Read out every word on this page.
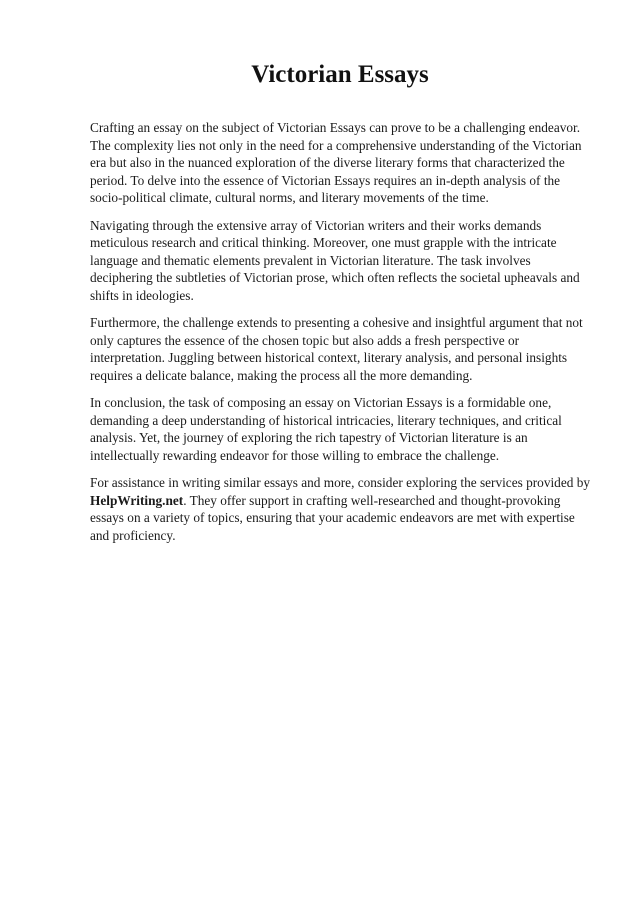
Victorian Essays

Crafting an essay on the subject of Victorian Essays can prove to be a challenging endeavor. The complexity lies not only in the need for a comprehensive understanding of the Victorian era but also in the nuanced exploration of the diverse literary forms that characterized the period. To delve into the essence of Victorian Essays requires an in-depth analysis of the socio-political climate, cultural norms, and literary movements of the time.

Navigating through the extensive array of Victorian writers and their works demands meticulous research and critical thinking. Moreover, one must grapple with the intricate language and thematic elements prevalent in Victorian literature. The task involves deciphering the subtleties of Victorian prose, which often reflects the societal upheavals and shifts in ideologies.

Furthermore, the challenge extends to presenting a cohesive and insightful argument that not only captures the essence of the chosen topic but also adds a fresh perspective or interpretation. Juggling between historical context, literary analysis, and personal insights requires a delicate balance, making the process all the more demanding.

In conclusion, the task of composing an essay on Victorian Essays is a formidable one, demanding a deep understanding of historical intricacies, literary techniques, and critical analysis. Yet, the journey of exploring the rich tapestry of Victorian literature is an intellectually rewarding endeavor for those willing to embrace the challenge.

For assistance in writing similar essays and more, consider exploring the services provided by HelpWriting.net. They offer support in crafting well-researched and thought-provoking essays on a variety of topics, ensuring that your academic endeavors are met with expertise and proficiency.
